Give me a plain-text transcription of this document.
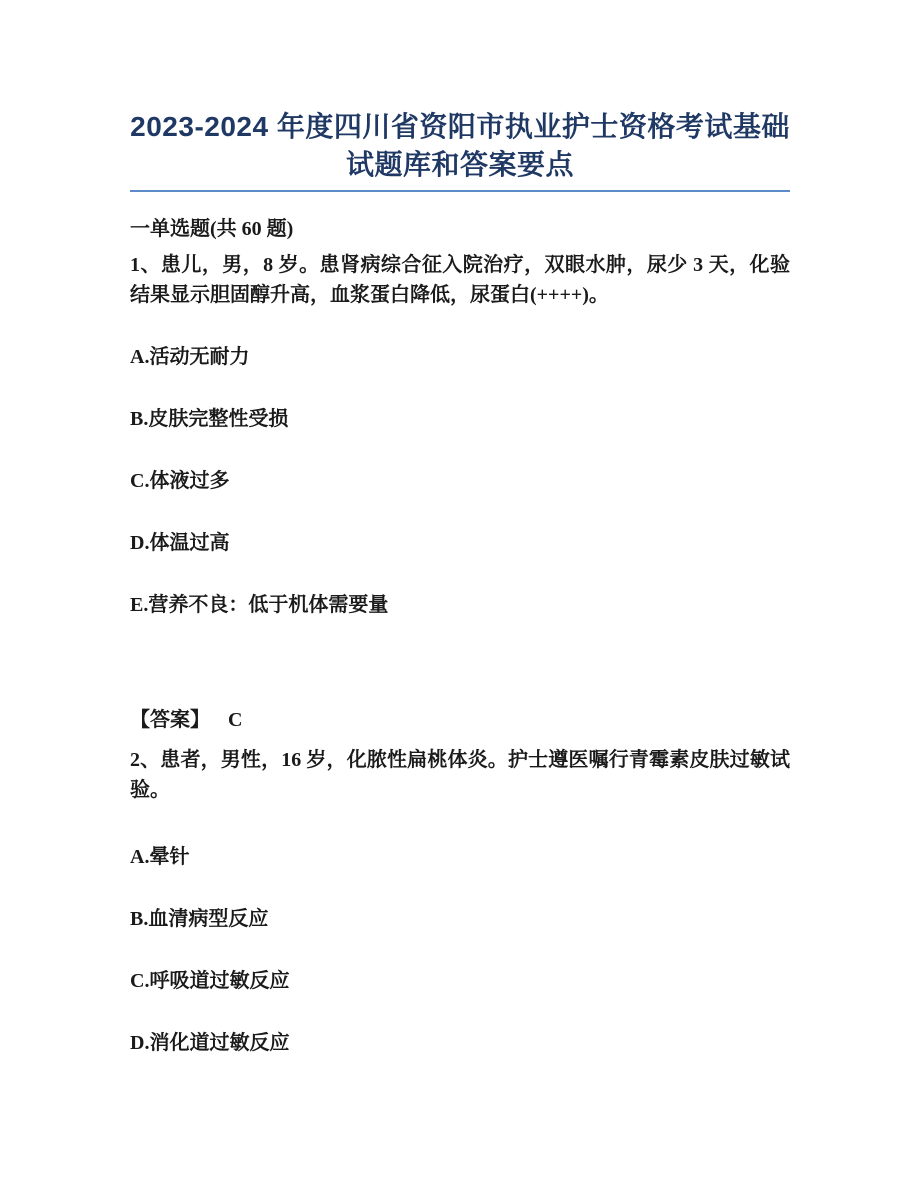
2023-2024 年度四川省资阳市执业护士资格考试基础试题库和答案要点

一单选题(共 60 题)

1、患儿，男，8 岁。患肾病综合征入院治疗，双眼水肿，尿少 3 天，化验结果显示胆固醇升高，血浆蛋白降低，尿蛋白(++++)。

A.活动无耐力

B.皮肤完整性受损

C.体液过多

D.体温过高

E.营养不良：低于机体需要量

【答案】 C

2、患者，男性，16 岁，化脓性扁桃体炎。护士遵医嘱行青霉素皮肤过敏试验。

A.晕针

B.血清病型反应

C.呼吸道过敏反应

D.消化道过敏反应
